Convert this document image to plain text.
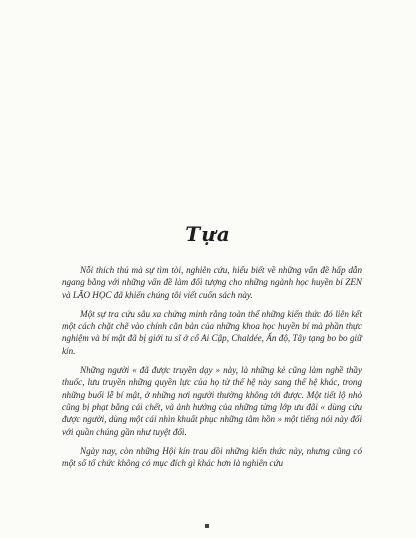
Tựa

Nỗi thích thú mà sự tìm tòi, nghiên cứu, hiểu biết về những vấn đề hấp dẫn ngang bằng với những vấn đề làm đối tượng cho những ngành học huyền bí ZEN và LÃO HỌC đã khiến chúng tôi viết cuốn sách này.

Một sự tra cứu sâu xa chứng minh rằng toàn thể những kiến thức đó liên kết một cách chặt chẽ vào chính căn bản của những khoa học huyền bí mà phần thực nghiệm và bí mật đã bị giới tu sĩ ở cổ Ai Cập, Chaldée, Ấn độ, Tây tạng bo bo giữ kín.

Những người « đã được truyền dạy » này, là những kẻ cũng làm nghề thầy thuốc, lưu truyền những quyền lực của họ từ thế hệ này sang thế hệ khác, trong những buổi lễ bí mật, ở những nơi người thường không tới được. Một tiết lộ nhỏ cũng bị phạt bằng cái chết, và ảnh hưởng của những từng lớp ưu đãi « dùng cứu được người, dùng một cái nhìn khuất phục những tâm hồn » một tiếng nói này đối với quần chúng gần như tuyệt đối.

Ngày nay, còn những Hội kín trau dồi những kiến thức này, nhưng cũng có một số tổ chức không có mục đích gì khác hơn là nghiên cứu
